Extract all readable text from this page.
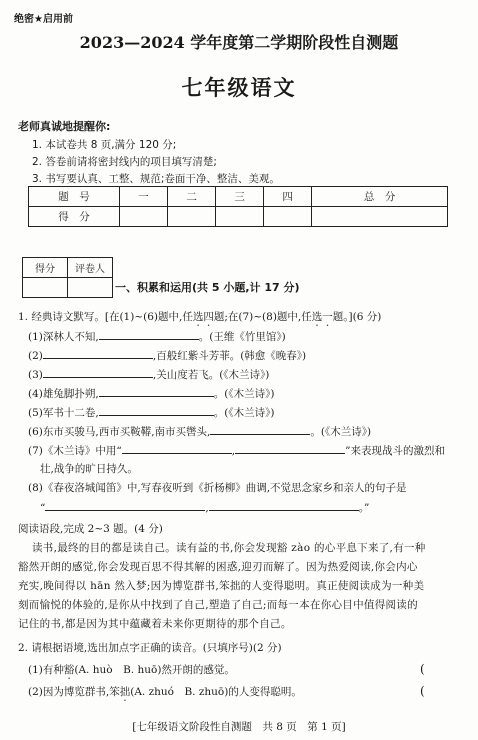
绝密★启用前
2023—2024 学年度第二学期阶段性自测题
七年级语文
老师真诚地提醒你:
1. 本试卷共 8 页,满分 120 分;
2. 答卷前请将密封线内的项目填写清楚;
3. 书写要认真、工整、规范;卷面干净、整洁、美观。
题　号	一	二	三	四	总　分
得　分					
得分	评卷人

一、积累和运用(共 5 小题,计 17 分)
1. 经典诗文默写。[在(1)~(6)题中,任选四题;在(7)~(8)题中,任选一题。](6 分)
(1)深林人不知,	。(王维《竹里馆》)
(2)	,百般红紫斗芳菲。(韩愈《晚春》)
(3)	,关山度若飞。(《木兰诗》)
(4)雄兔脚扑朔,	。(《木兰诗》)
(5)军书十二卷,	。(《木兰诗》)
(6)东市买骏马,西市买鞍鞯,南市买辔头,	。(《木兰诗》)
(7)《木兰诗》中用“	,	”来表现战斗的激烈和
壮,战争的旷日持久。
(8)《春夜洛城闻笛》中,写春夜听到《折杨柳》曲调,不觉思念家乡和亲人的句子是
“	,	。”
阅读语段,完成 2~3 题。(4 分)
读书,最终的目的都是读自己。读有益的书,你会发现豁 zào 的心平息下来了,有一种
豁然开朗的感觉,你会发现百思不得其解的困惑,迎刃而解了。因为热爱阅读,你会内心
充实,晚间得以 hān 然入梦;因为博览群书,笨拙的人变得聪明。真正使阅读成为一种美
刻而愉悦的体验的,是你从中找到了自己,塑造了自己;而每一本在你心目中值得阅读的
记住的书,都是因为其中蕴藏着未来你更期待的那个自己。
2. 请根据语境,选出加点字正确的读音。(只填序号)(2 分)
(1)有种豁(A. huò　B. huō)然开朗的感觉。	(
(2)因为博览群书,笨拙(A. zhuó　B. zhuō)的人变得聪明。	(
[七年级语文阶段性自测题　共 8 页　第 1 页]
